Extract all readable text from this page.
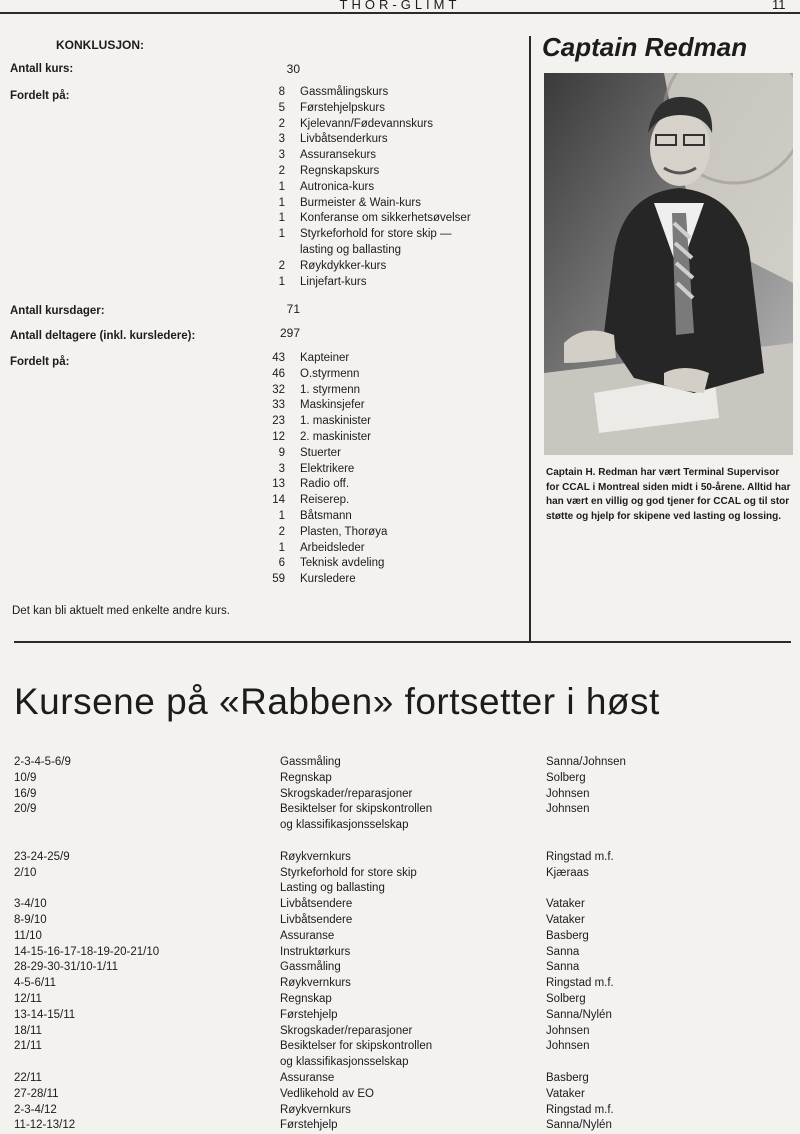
THOR-GLIMT	11
KONKLUSJON:
Antall kurs:	30
Fordelt på:	8	Gassmålingskurs
5	Førstehjelpskurs
2	Kjelevann/Fødevannskurs
3	Livbåtsenderkurs
3	Assuransekurs
2	Regnskapskurs
1	Autronica-kurs
1	Burmeister & Wain-kurs
1	Konferanse om sikkerhetsøvelser
1	Styrkeforhold for store skip —
lasting og ballasting
2	Røykdykker-kurs
1	Linjefart-kurs
Antall kursdager:	71
Antall deltagere (inkl. kursledere):	297
Fordelt på:	43	Kapteiner
46	O.styrmenn
32	1. styrmenn
33	Maskinsjefer
23	1. maskinister
12	2. maskinister
9	Stuerter
3	Elektrikere
13	Radio off.
14	Reiserep.
1	Båtsmann
2	Plasten, Thorøya
1	Arbeidsleder
6	Teknisk avdeling
59	Kursledere
Det kan bli aktuelt med enkelte andre kurs.
Captain Redman
Captain H. Redman har vært Terminal Supervisor for CCAL i Montreal siden midt i 50-årene. Alltid har han vært en villig og god tjener for CCAL og til stor støtte og hjelp for skipene ved lasting og lossing.
Kursene på «Rabben» fortsetter i høst
2-3-4-5-6/9	Gassmåling	Sanna/Johnsen
10/9	Regnskap	Solberg
16/9	Skrogskader/reparasjoner	Johnsen
20/9	Besiktelser for skipskontrollen	Johnsen

og klassifikasjonsselskap

23-24-25/9	Røykvernkurs	Ringstad m.f.
2/10	Styrkeforhold for store skip	Kjæraas

Lasting og ballasting

3-4/10	Livbåtsendere	Vataker
8-9/10	Livbåtsendere	Vataker
11/10	Assuranse	Basberg
14-15-16-17-18-19-20-21/10	Instruktørkurs	Sanna
28-29-30-31/10-1/11	Gassmåling	Sanna
4-5-6/11	Røykvernkurs	Ringstad m.f.
12/11	Regnskap	Solberg
13-14-15/11	Førstehjelp	Sanna/Nylén
18/11	Skrogskader/reparasjoner	Johnsen
21/11	Besiktelser for skipskontrollen	Johnsen

og klassifikasjonsselskap

22/11	Assuranse	Basberg
27-28/11	Vedlikehold av EO	Vataker
2-3-4/12	Røykvernkurs	Ringstad m.f.
11-12-13/12	Førstehjelp	Sanna/Nylén
